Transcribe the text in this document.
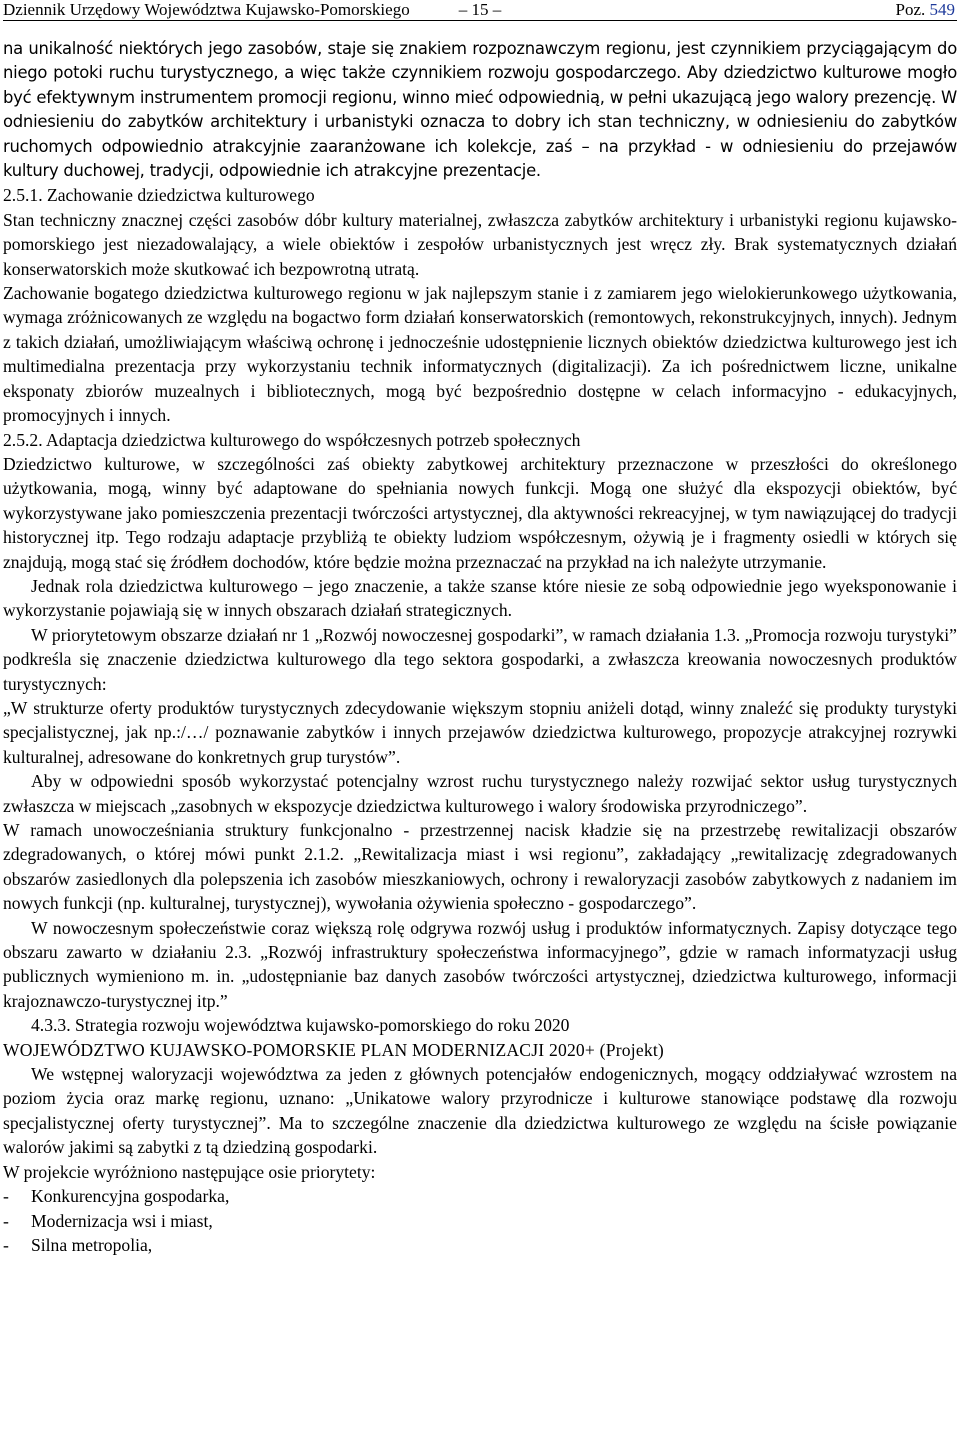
Dziennik Urzędowy Województwa Kujawsko-Pomorskiego	– 15 –	Poz. 549

na unikalność niektórych jego zasobów, staje się znakiem rozpoznawczym regionu, jest czynnikiem przyciągającym do niego potoki ruchu turystycznego, a więc także czynnikiem rozwoju gospodarczego. Aby dziedzictwo kulturowe mogło być efektywnym instrumentem promocji regionu, winno mieć odpowiednią, w pełni ukazującą jego walory prezencję. W odniesieniu do zabytków architektury i urbanistyki oznacza to dobry ich stan techniczny, w odniesieniu do zabytków ruchomych odpowiednio atrakcyjnie zaaranżowane ich kolekcje, zaś – na przykład - w odniesieniu do przejawów kultury duchowej, tradycji, odpowiednie ich atrakcyjne prezentacje.

2.5.1. Zachowanie dziedzictwa kulturowego

Stan techniczny znacznej części zasobów dóbr kultury materialnej, zwłaszcza zabytków architektury i urbanistyki regionu kujawsko-pomorskiego jest niezadowalający, a wiele obiektów i zespołów urbanistycznych jest wręcz zły. Brak systematycznych działań konserwatorskich może skutkować ich bezpowrotną utratą.

Zachowanie bogatego dziedzictwa kulturowego regionu w jak najlepszym stanie i z zamiarem jego wielokierunkowego użytkowania, wymaga zróżnicowanych ze względu na bogactwo form działań konserwatorskich (remontowych, rekonstrukcyjnych, innych). Jednym z takich działań, umożliwiającym właściwą ochronę i jednocześnie udostępnienie licznych obiektów dziedzictwa kulturowego jest ich multimedialna prezentacja przy wykorzystaniu technik informatycznych (digitalizacji). Za ich pośrednictwem liczne, unikalne eksponaty zbiorów muzealnych i bibliotecznych, mogą być bezpośrednio dostępne w celach informacyjno - edukacyjnych, promocyjnych i innych.

2.5.2. Adaptacja dziedzictwa kulturowego do współczesnych potrzeb społecznych

Dziedzictwo kulturowe, w szczególności zaś obiekty zabytkowej architektury przeznaczone w przeszłości do określonego użytkowania, mogą, winny być adaptowane do spełniania nowych funkcji. Mogą one służyć dla ekspozycji obiektów, być wykorzystywane jako pomieszczenia prezentacji twórczości artystycznej, dla aktywności rekreacyjnej, w tym nawiązującej do tradycji historycznej itp. Tego rodzaju adaptacje przybliżą te obiekty ludziom współczesnym, ożywią je i fragmenty osiedli w których się znajdują, mogą stać się źródłem dochodów, które będzie można przeznaczać na przykład na ich należyte utrzymanie.

Jednak rola dziedzictwa kulturowego – jego znaczenie, a także szanse które niesie ze sobą odpowiednie jego wyeksponowanie i wykorzystanie pojawiają się w innych obszarach działań strategicznych.

W priorytetowym obszarze działań nr 1 „Rozwój nowoczesnej gospodarki”, w ramach działania 1.3. „Promocja rozwoju turystyki” podkreśla się znaczenie dziedzictwa kulturowego dla tego sektora gospodarki, a zwłaszcza kreowania nowoczesnych produktów turystycznych:

„W strukturze oferty produktów turystycznych zdecydowanie większym stopniu aniżeli dotąd, winny znaleźć się produkty turystyki specjalistycznej, jak np.:/…/ poznawanie zabytków i innych przejawów dziedzictwa kulturowego, propozycje atrakcyjnej rozrywki kulturalnej, adresowane do konkretnych grup turystów”.

Aby w odpowiedni sposób wykorzystać potencjalny wzrost ruchu turystycznego należy rozwijać sektor usług turystycznych zwłaszcza w miejscach „zasobnych w ekspozycje dziedzictwa kulturowego i walory środowiska przyrodniczego”.

W ramach unowocześniania struktury funkcjonalno - przestrzennej nacisk kładzie się na przestrzebę rewitalizacji obszarów zdegradowanych, o której mówi punkt 2.1.2. „Rewitalizacja miast i wsi regionu”, zakładający „rewitalizację zdegradowanych obszarów zasiedlonych dla polepszenia ich zasobów mieszkaniowych, ochrony i rewaloryzacji zasobów zabytkowych z nadaniem im nowych funkcji (np. kulturalnej, turystycznej), wywołania ożywienia społeczno - gospodarczego”.

W nowoczesnym społeczeństwie coraz większą rolę odgrywa rozwój usług i produktów informatycznych. Zapisy dotyczące tego obszaru zawarto w działaniu 2.3. „Rozwój infrastruktury społeczeństwa informacyjnego”, gdzie w ramach informatyzacji usług publicznych wymieniono m. in. „udostępnianie baz danych zasobów twórczości artystycznej, dziedzictwa kulturowego, informacji krajoznawczo-turystycznej itp.”

4.3.3. Strategia rozwoju województwa kujawsko-pomorskiego do roku 2020

WOJEWÓDZTWO KUJAWSKO-POMORSKIE PLAN MODERNIZACJI 2020+ (Projekt)

We wstępnej waloryzacji województwa za jeden z głównych potencjałów endogenicznych, mogący oddziaływać wzrostem na poziom życia oraz markę regionu, uznano: „Unikatowe walory przyrodnicze i kulturowe stanowiące podstawę dla rozwoju specjalistycznej oferty turystycznej”. Ma to szczególne znaczenie dla dziedzictwa kulturowego ze względu na ścisłe powiązanie walorów jakimi są zabytki z tą dziedziną gospodarki.

W projekcie wyróżniono następujące osie priorytety:

-	Konkurencyjna gospodarka,
-	Modernizacja wsi i miast,
-	Silna metropolia,
